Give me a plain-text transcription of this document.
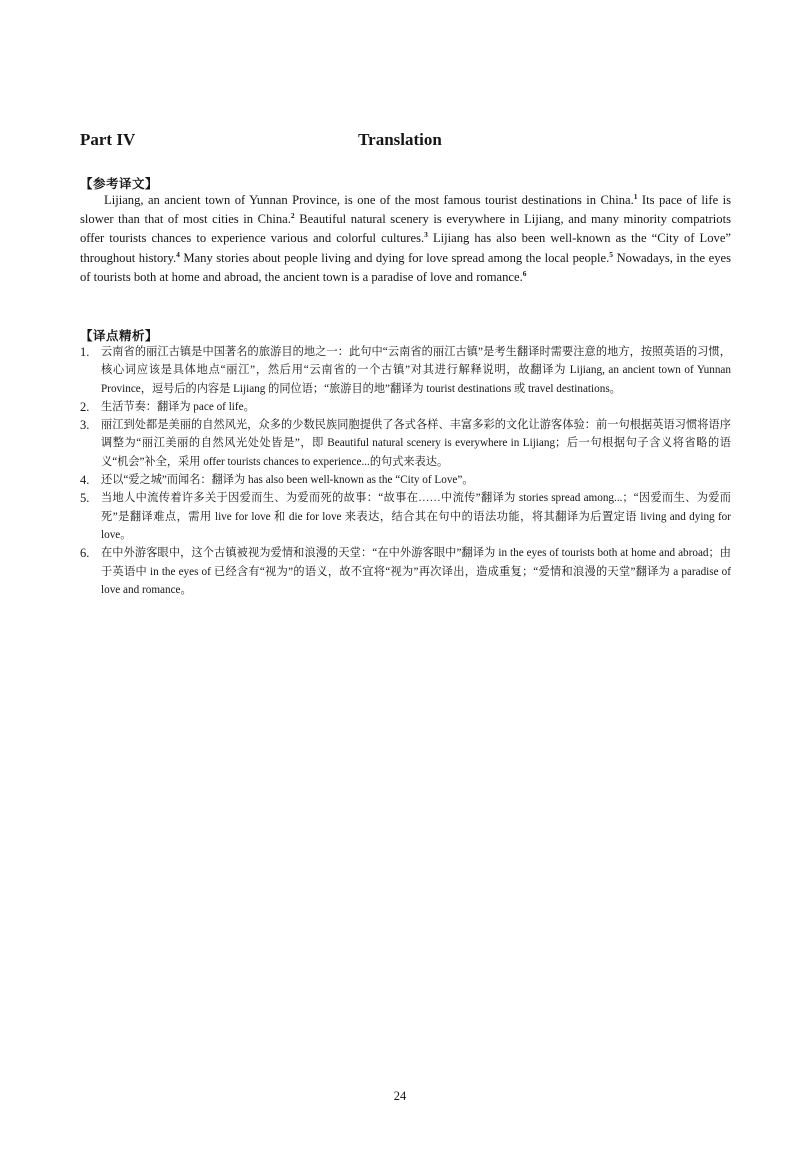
Part IV	Translation
【参考译文】

Lijiang, an ancient town of Yunnan Province, is one of the most famous tourist destinations in China.$^1$ Its pace of life is slower than that of most cities in China.$^2$ Beautiful natural scenery is everywhere in Lijiang, and many minority compatriots offer tourists chances to experience various and colorful cultures.$^3$ Lijiang has also been well-known as the “City of Love” throughout history.$^4$ Many stories about people living and dying for love spread among the local people.$^5$ Nowadays, in the eyes of tourists both at home and abroad, the ancient town is a paradise of love and romance.$^6$

【译点精析】
1. 云南省的丽江古镇是中国著名的旅游目的地之一：此句中“云南省的丽江古镇”是考生翻译时需要注意的地方，按照英语的习惯，核心词应该是具体地点“丽江”，然后用“云南省的一个古镇”对其进行解释说明，故翻译为 Lijiang, an ancient town of Yunnan Province，逗号后的内容是 Lijiang 的同位语；“旅游目的地”翻译为 tourist destinations 或 travel destinations。
2. 生活节奏：翻译为 pace of life。
3. 丽江到处都是美丽的自然风光，众多的少数民族同胞提供了各式各样、丰富多彩的文化让游客体验：前一句根据英语习惯将语序调整为“丽江美丽的自然风光处处皆是”，即 Beautiful natural scenery is everywhere in Lijiang；后一句根据句子含义将省略的语义“机会”补全，采用 offer tourists chances to experience...的句式来表达。
4. 还以“爱之城”而闻名：翻译为 has also been well-known as the “City of Love”。
5. 当地人中流传着许多关于因爱而生、为爱而死的故事：“故事在……中流传”翻译为 stories spread among...；“因爱而生、为爱而死”是翻译难点，需用 live for love 和 die for love 来表达，结合其在句中的语法功能，将其翻译为后置定语 living and dying for love。
6. 在中外游客眼中，这个古镇被视为爱情和浪漫的天堂：“在中外游客眼中”翻译为 in the eyes of tourists both at home and abroad；由于英语中 in the eyes of 已经含有“视为”的语义，故不宜将“视为”再次译出，造成重复；“爱情和浪漫的天堂”翻译为 a paradise of love and romance。
24
